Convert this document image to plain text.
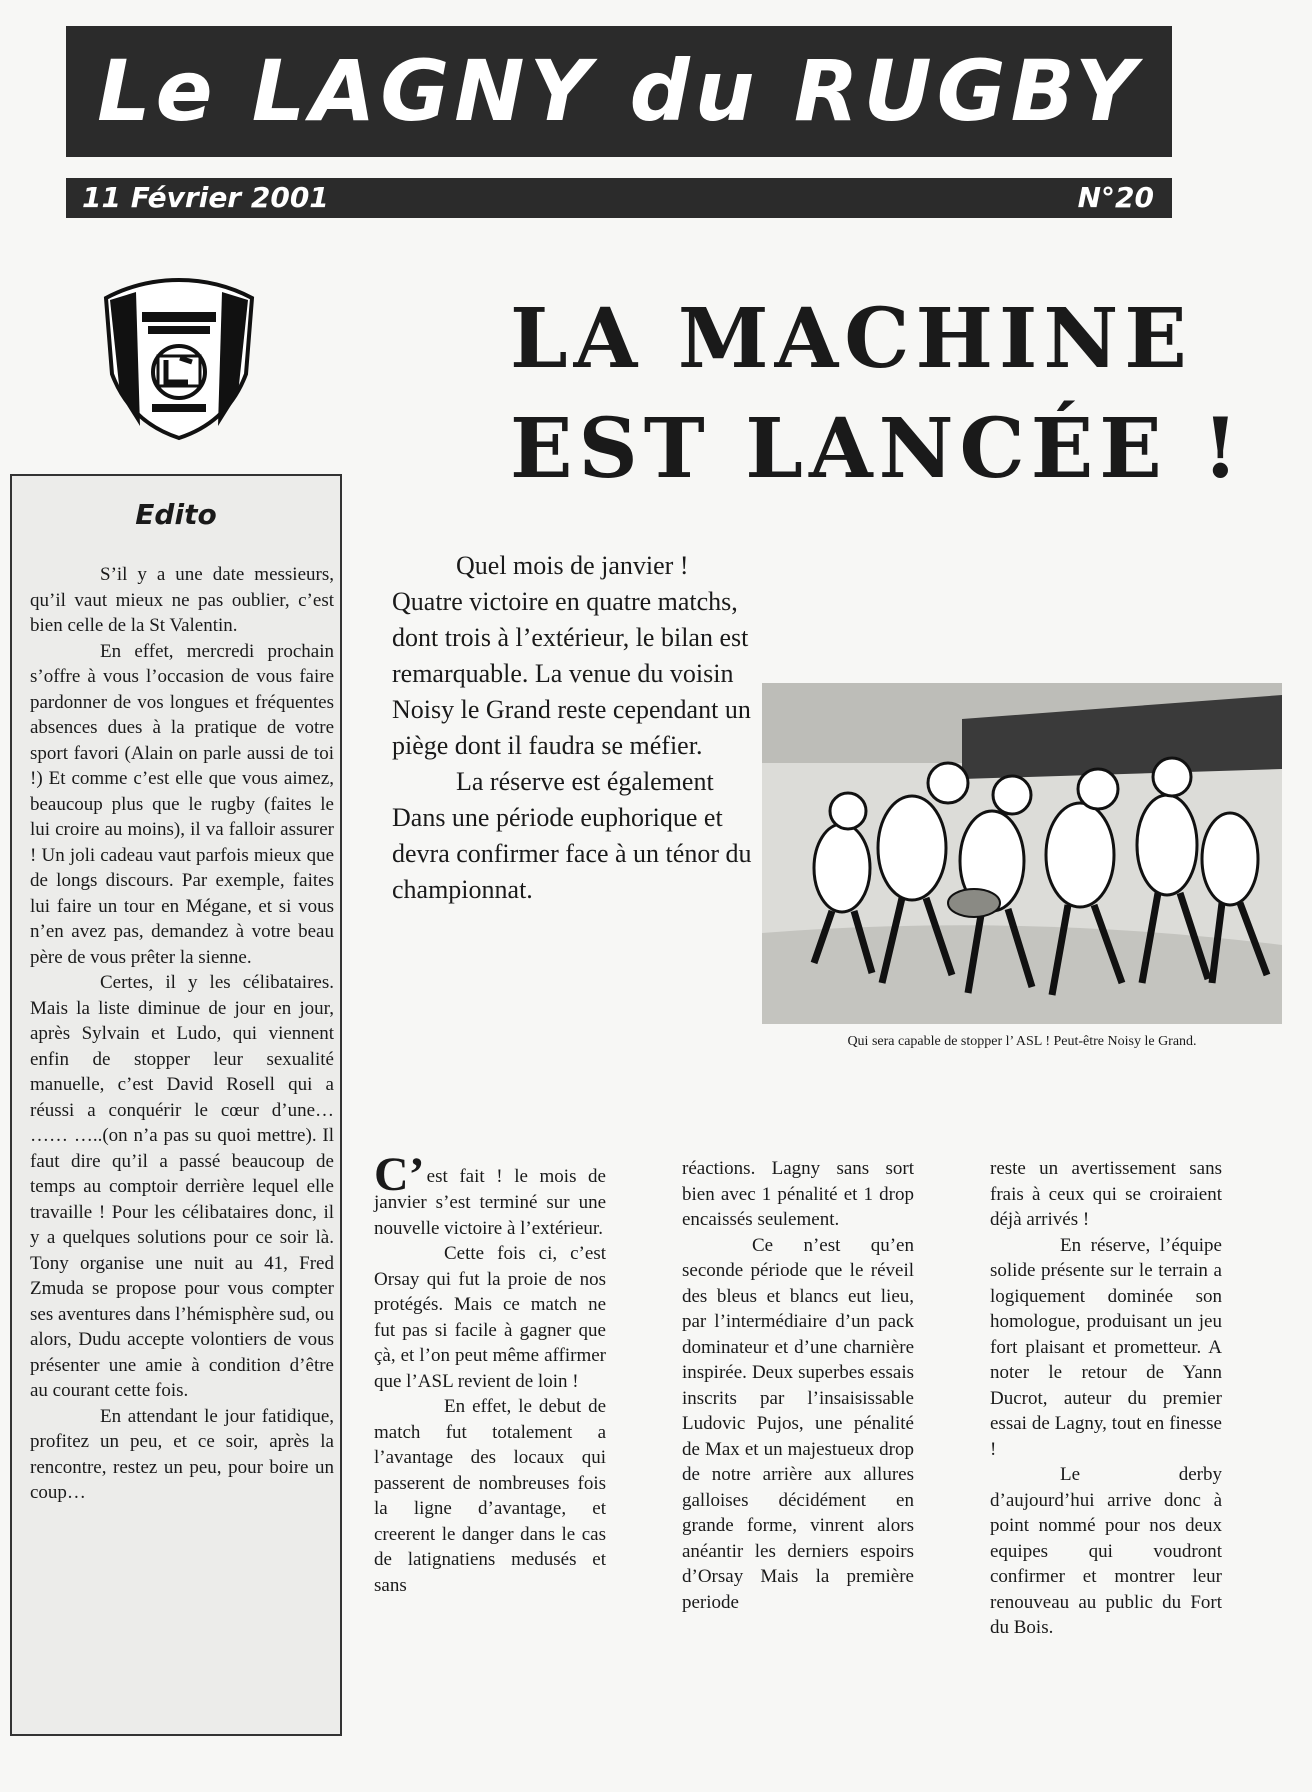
Le LAGNY du RUGBY
11 Février 2001	N°20
LA MACHINE
EST LANCÉE !
Edito

S’il y a une date messieurs, qu’il vaut mieux ne pas oublier, c’est bien celle de la St Valentin.

En effet, mercredi prochain s’offre à vous l’occasion de vous faire pardonner de vos longues et fréquentes absences dues à la pratique de votre sport favori (Alain on parle aussi de toi !) Et comme c’est elle que vous aimez, beaucoup plus que le rugby (faites le lui croire au moins), il va falloir assurer ! Un joli cadeau vaut parfois mieux que de longs discours. Par exemple, faites lui faire un tour en Mégane, et si vous n’en avez pas, demandez à votre beau père de vous prêter la sienne.

Certes, il y les célibataires. Mais la liste diminue de jour en jour, après Sylvain et Ludo, qui viennent enfin de stopper leur sexualité manuelle, c’est David Rosell qui a réussi a conquérir le cœur d’une… …… …..(on n’a pas su quoi mettre). Il faut dire qu’il a passé beaucoup de temps au comptoir derrière lequel elle travaille ! Pour les célibataires donc, il y a quelques solutions pour ce soir là. Tony organise une nuit au 41, Fred Zmuda se propose pour vous compter ses aventures dans l’hémisphère sud, ou alors, Dudu accepte volontiers de vous présenter une amie à condition d’être au courant cette fois.

En attendant le jour fatidique, profitez un peu, et ce soir, après la rencontre, restez un peu, pour boire un coup…

Quel mois de janvier ! Quatre victoire en quatre matchs, dont trois à l’extérieur, le bilan est remarquable. La venue du voisin Noisy le Grand reste cependant un piège dont il faudra se méfier.

La réserve est également Dans une période euphorique et devra confirmer face à un ténor du championnat.

Qui sera capable de stopper l’ ASL ! Peut-être Noisy le Grand.

C’ est fait ! le mois de janvier s’est terminé sur une nouvelle victoire à l’extérieur.

Cette fois ci, c’est Orsay qui fut la proie de nos protégés. Mais ce match ne fut pas si facile à gagner que çà, et l’on peut même affirmer que l’ASL revient de loin !

En effet, le debut de match fut totalement a l’avantage des locaux qui passerent de nombreuses fois la ligne d’avantage, et creerent le danger dans le cas de latignatiens medusés et sans

réactions. Lagny sans sort bien avec 1 pénalité et 1 drop encaissés seulement.

Ce n’est qu’en seconde période que le réveil des bleus et blancs eut lieu, par l’intermédiaire d’un pack dominateur et d’une charnière inspirée. Deux superbes essais inscrits par l’insaisissable Ludovic Pujos, une pénalité de Max et un majestueux drop de notre arrière aux allures galloises décidément en grande forme, vinrent alors anéantir les derniers espoirs d’Orsay Mais la première periode

reste un avertissement sans frais à ceux qui se croiraient déjà arrivés !

En réserve, l’équipe solide présente sur le terrain a logiquement dominée son homologue, produisant un jeu fort plaisant et prometteur. A noter le retour de Yann Ducrot, auteur du premier essai de Lagny, tout en finesse !

Le derby d’aujourd’hui arrive donc à point nommé pour nos deux equipes qui voudront confirmer et montrer leur renouveau au public du Fort du Bois.
